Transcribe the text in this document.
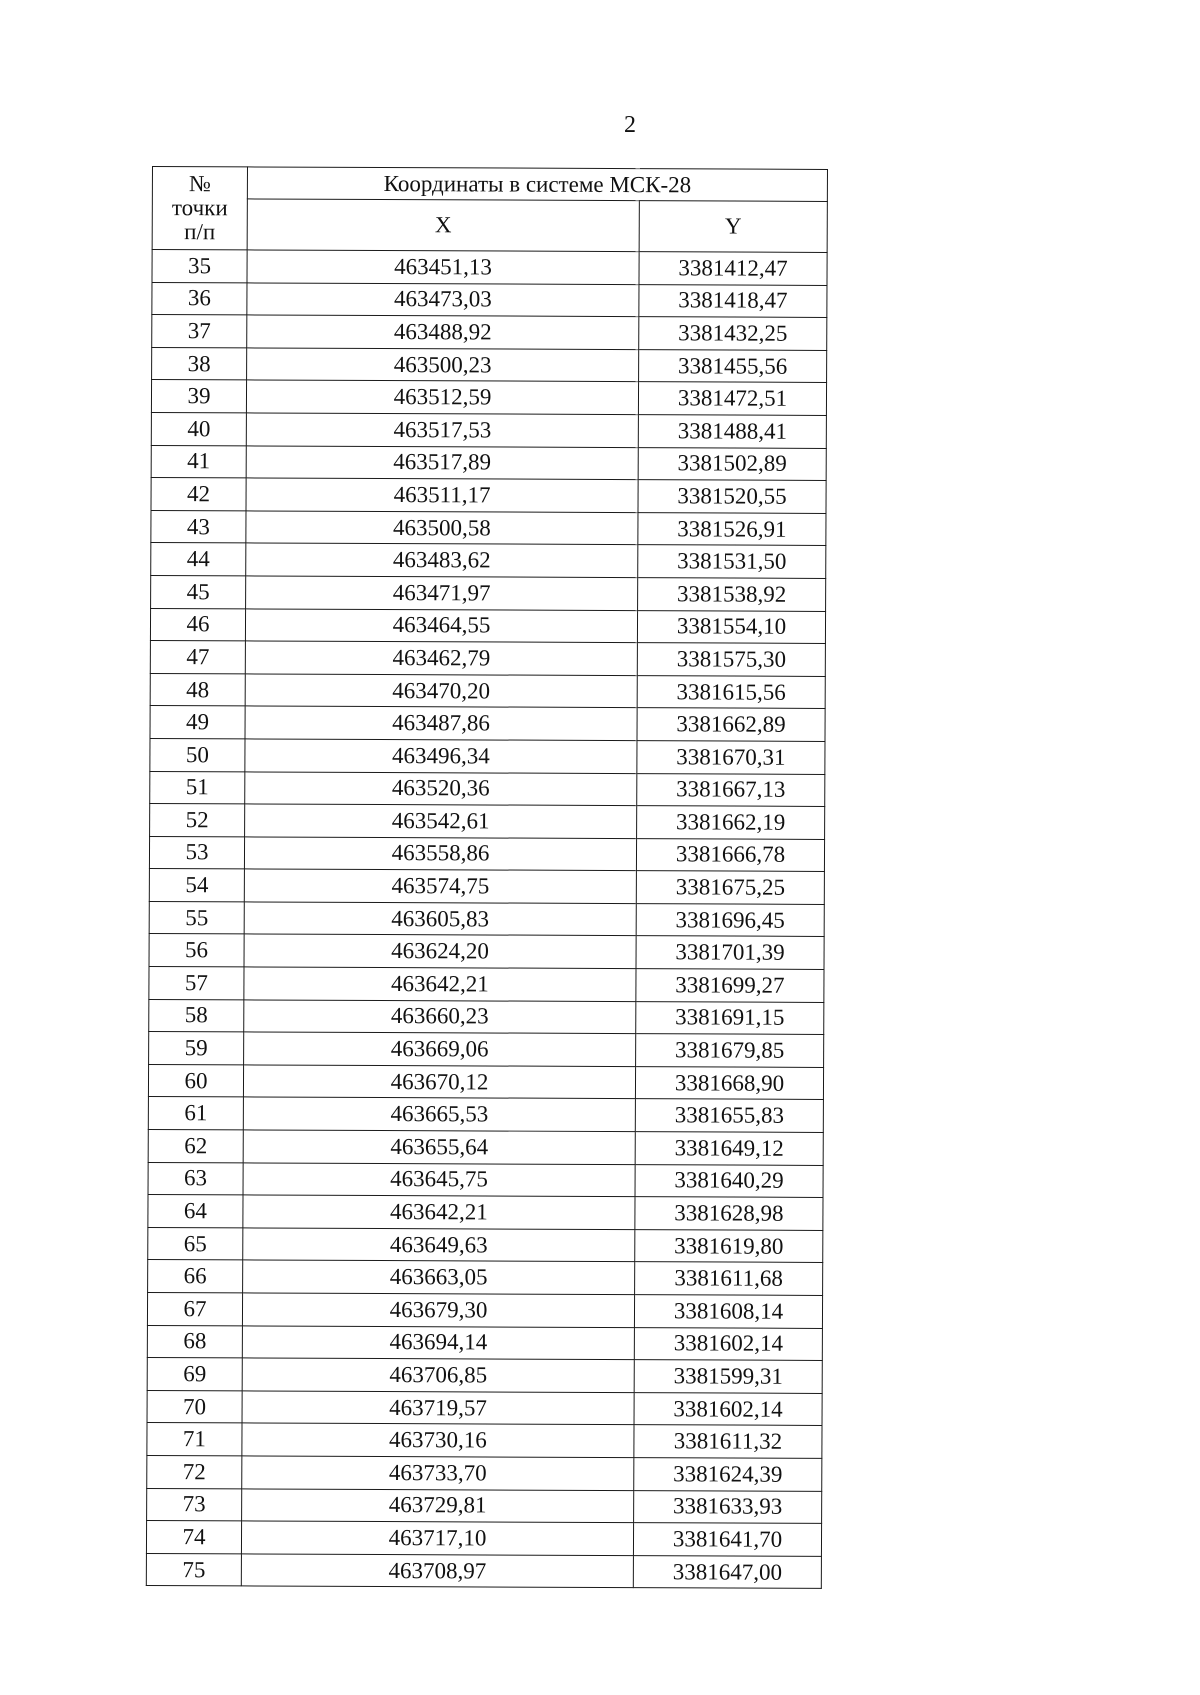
2
№
точки
п/п	Координаты в системе МСК-28	
	X	Y
35	463451,13	3381412,47
36	463473,03	3381418,47
37	463488,92	3381432,25
38	463500,23	3381455,56
39	463512,59	3381472,51
40	463517,53	3381488,41
41	463517,89	3381502,89
42	463511,17	3381520,55
43	463500,58	3381526,91
44	463483,62	3381531,50
45	463471,97	3381538,92
46	463464,55	3381554,10
47	463462,79	3381575,30
48	463470,20	3381615,56
49	463487,86	3381662,89
50	463496,34	3381670,31
51	463520,36	3381667,13
52	463542,61	3381662,19
53	463558,86	3381666,78
54	463574,75	3381675,25
55	463605,83	3381696,45
56	463624,20	3381701,39
57	463642,21	3381699,27
58	463660,23	3381691,15
59	463669,06	3381679,85
60	463670,12	3381668,90
61	463665,53	3381655,83
62	463655,64	3381649,12
63	463645,75	3381640,29
64	463642,21	3381628,98
65	463649,63	3381619,80
66	463663,05	3381611,68
67	463679,30	3381608,14
68	463694,14	3381602,14
69	463706,85	3381599,31
70	463719,57	3381602,14
71	463730,16	3381611,32
72	463733,70	3381624,39
73	463729,81	3381633,93
74	463717,10	3381641,70
75	463708,97	3381647,00
